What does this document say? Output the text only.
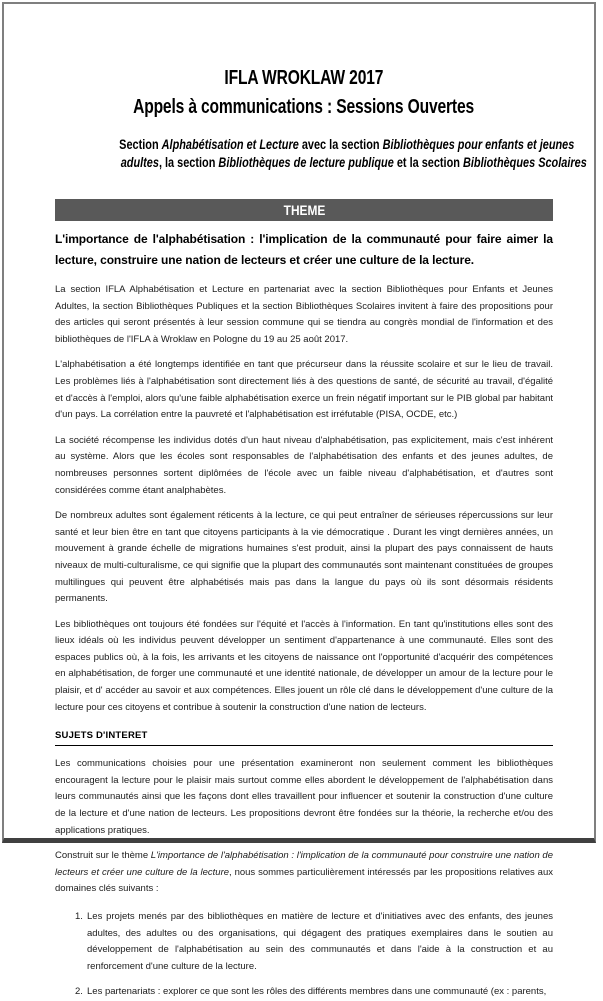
IFLA WROKLAW 2017
Appels à communications : Sessions Ouvertes
Section Alphabétisation et Lecture avec la section Bibliothèques pour enfants et jeunes
adultes, la section Bibliothèques de lecture publique et la section Bibliothèques Scolaires
THEME
L'importance de l'alphabétisation : l'implication de la communauté pour faire aimer la lecture, construire une nation de lecteurs et créer une culture de la lecture.

La section IFLA Alphabétisation et Lecture en partenariat avec la section Bibliothèques pour Enfants et Jeunes Adultes, la section Bibliothèques Publiques et la section Bibliothèques Scolaires invitent à faire des propositions pour des articles qui seront présentés à leur session commune qui se tiendra au congrès mondial de l'information et des bibliothèques de l'IFLA à Wroklaw en Pologne du 19 au 25 août 2017.

L'alphabétisation a été longtemps identifiée en tant que précurseur dans la réussite scolaire et sur le lieu de travail. Les problèmes liés à l'alphabétisation sont directement liés à des questions de santé, de sécurité au travail, d'égalité et d'accès à l'emploi, alors qu'une faible alphabétisation exerce un frein négatif important sur le PIB global par habitant d'un pays. La corrélation entre la pauvreté et l'alphabétisation est irréfutable (PISA, OCDE, etc.)

La société récompense les individus dotés d'un haut niveau d'alphabétisation, pas explicitement, mais c'est inhérent au système. Alors que les écoles sont responsables de l'alphabétisation des enfants et des jeunes adultes, de nombreuses personnes sortent diplômées de l'école avec un faible niveau d'alphabétisation, et d'autres sont considérées comme étant analphabètes.

De nombreux adultes sont également réticents à la lecture, ce qui peut entraîner de sérieuses répercussions sur leur santé et leur bien être en tant que citoyens participants à la vie démocratique . Durant les vingt dernières années, un mouvement à grande échelle de migrations humaines s'est produit, ainsi la plupart des pays connaissent de hauts niveaux de multi-culturalisme, ce qui signifie que la plupart des communautés sont maintenant constituées de groupes multilingues qui peuvent être alphabétisés mais pas dans la langue du pays où ils sont désormais résidents permanents.

Les bibliothèques ont toujours été fondées sur l'équité et l'accès à l'information. En tant qu'institutions elles sont des lieux idéals où les individus peuvent développer un sentiment d'appartenance à une communauté. Elles sont des espaces publics où, à la fois, les arrivants et les citoyens de naissance ont l'opportunité d'acquérir des compétences en alphabétisation, de forger une communauté et une identité nationale, de développer un amour de la lecture pour le plaisir, et d' accéder au savoir et aux compétences. Elles jouent un rôle clé dans le développement d'une culture de la lecture pour ces citoyens et contribue à soutenir la construction d'une nation de lecteurs.

SUJETS D'INTERET

Les communications choisies pour une présentation examineront non seulement comment les bibliothèques encouragent la lecture pour le plaisir mais surtout comme elles abordent le développement de l'alphabétisation dans leurs communautés ainsi que les façons dont elles travaillent pour influencer et soutenir la construction d'une culture de la lecture et d'une nation de lecteurs. Les propositions devront être fondées sur la théorie, la recherche et/ou des applications pratiques.

Construit sur le thème L'importance de l'alphabétisation : l'implication de la communauté pour construire une nation de lecteurs et créer une culture de la lecture, nous sommes particulièrement intéressés par les propositions relatives aux domaines clés suivants :

1. Les projets menés par des bibliothèques en matière de lecture et d'initiatives avec des enfants, des jeunes adultes, des adultes ou des organisations, qui dégagent des pratiques exemplaires dans le soutien au développement de l'alphabétisation au sein des communautés et dans l'aide à la construction et au renforcement d'une culture de la lecture.
2. Les partenariats : explorer ce que sont les rôles des différents membres dans une communauté (ex : parents,
